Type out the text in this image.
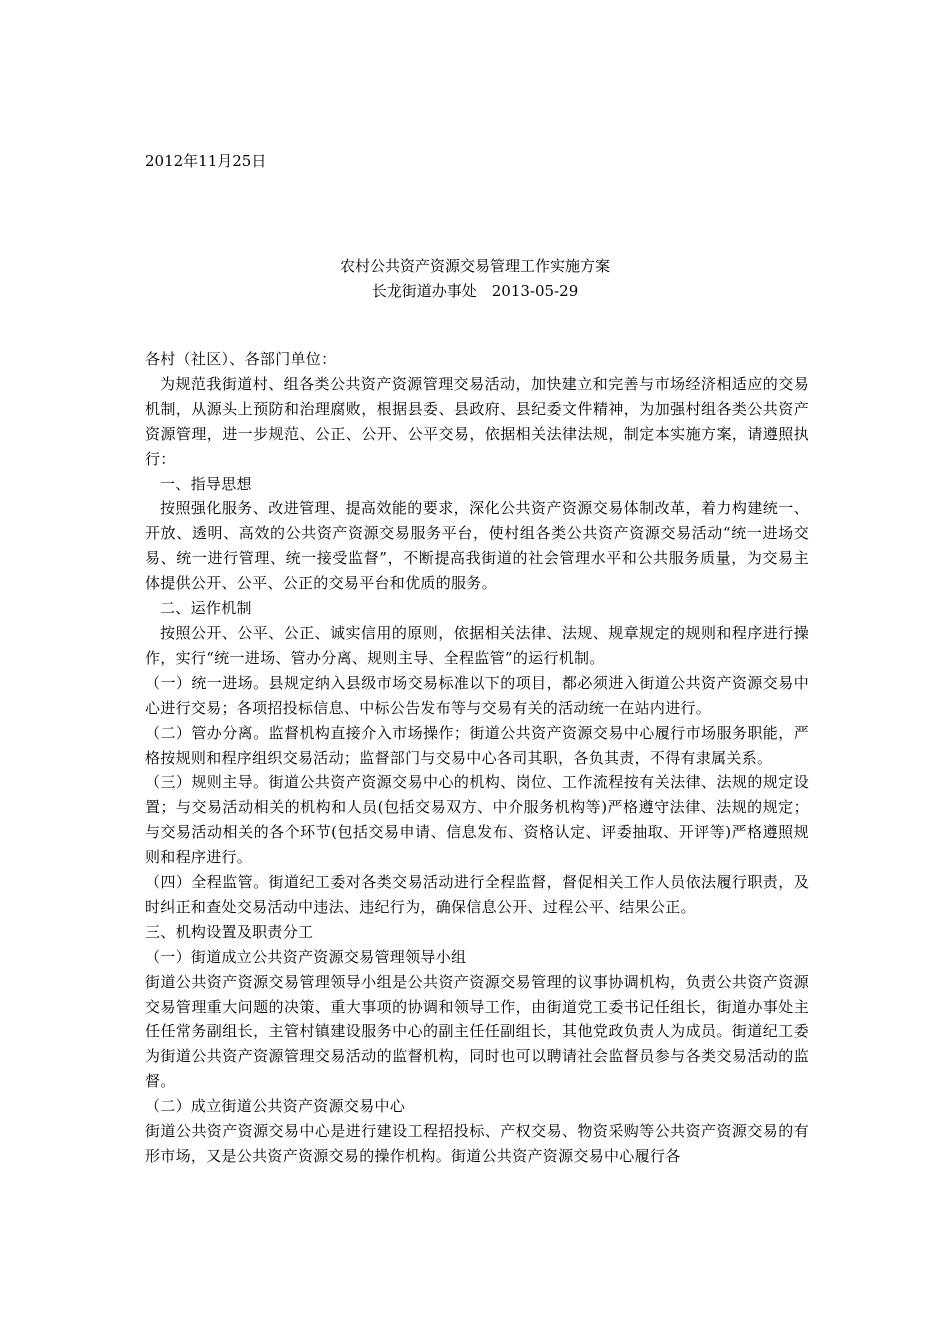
2012年11月25日
农村公共资产资源交易管理工作实施方案
长龙街道办事处　2013-05-29

各村（社区）、各部门单位：

为规范我街道村、组各类公共资产资源管理交易活动，加快建立和完善与市场经济相适应的交易机制，从源头上预防和治理腐败，根据县委、县政府、县纪委文件精神，为加强村组各类公共资产资源管理，进一步规范、公正、公开、公平交易，依据相关法律法规，制定本实施方案，请遵照执行：

一、指导思想

按照强化服务、改进管理、提高效能的要求，深化公共资产资源交易体制改革，着力构建统一、开放、透明、高效的公共资产资源交易服务平台，使村组各类公共资产资源交易活动“统一进场交易、统一进行管理、统一接受监督”，不断提高我街道的社会管理水平和公共服务质量，为交易主体提供公开、公平、公正的交易平台和优质的服务。

二、运作机制

按照公开、公平、公正、诚实信用的原则，依据相关法律、法规、规章规定的规则和程序进行操作，实行“统一进场、管办分离、规则主导、全程监管”的运行机制。

（一）统一进场。县规定纳入县级市场交易标准以下的项目，都必须进入街道公共资产资源交易中心进行交易；各项招投标信息、中标公告发布等与交易有关的活动统一在站内进行。

（二）管办分离。监督机构直接介入市场操作；街道公共资产资源交易中心履行市场服务职能，严格按规则和程序组织交易活动；监督部门与交易中心各司其职，各负其责，不得有隶属关系。

（三）规则主导。街道公共资产资源交易中心的机构、岗位、工作流程按有关法律、法规的规定设置；与交易活动相关的机构和人员(包括交易双方、中介服务机构等)严格遵守法律、法规的规定；与交易活动相关的各个环节(包括交易申请、信息发布、资格认定、评委抽取、开评等)严格遵照规则和程序进行。

（四）全程监管。街道纪工委对各类交易活动进行全程监督，督促相关工作人员依法履行职责，及时纠正和查处交易活动中违法、违纪行为，确保信息公开、过程公平、结果公正。

三、机构设置及职责分工

（一）街道成立公共资产资源交易管理领导小组

街道公共资产资源交易管理领导小组是公共资产资源交易管理的议事协调机构，负责公共资产资源交易管理重大问题的决策、重大事项的协调和领导工作，由街道党工委书记任组长，街道办事处主任任常务副组长，主管村镇建设服务中心的副主任任副组长，其他党政负责人为成员。街道纪工委为街道公共资产资源管理交易活动的监督机构，同时也可以聘请社会监督员参与各类交易活动的监督。

（二）成立街道公共资产资源交易中心

街道公共资产资源交易中心是进行建设工程招投标、产权交易、物资采购等公共资产资源交易的有形市场，又是公共资产资源交易的操作机构。街道公共资产资源交易中心履行各
